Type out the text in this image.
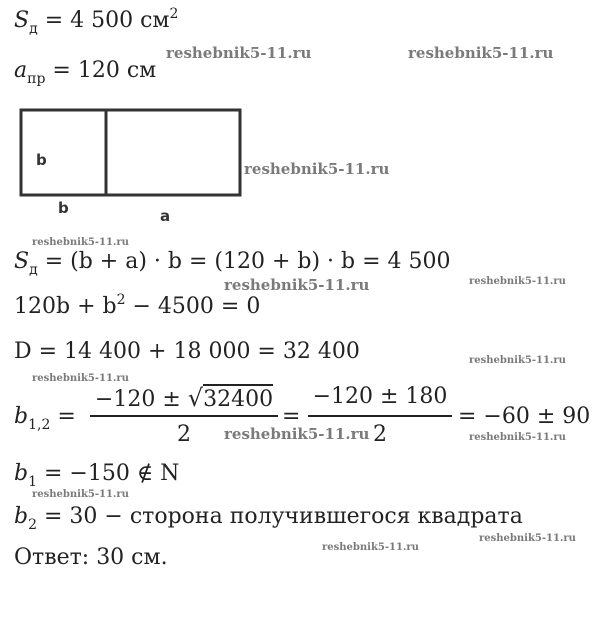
$S_д = 4$ 500 $см^2$
$a_{пр} = 120$ см
b
b	a
$S_д = (b + a) \cdot b = (120 + b) \cdot b = 4$ 500
$120b + b^2 - 4500 = 0$
D = 14 400 + 18 000 = 32 400
$b_{1,2}$ =
−120 ± √32400
2
=
−120 ± 180
2
= −60 ± 90
$b_1 = -150$ ∉ N
$b_2 = 30$ − сторона получившегося квадрата
Ответ: 30 см.
reshebnik5-11.ru	reshebnik5-11.ru
reshebnik5-11.ru
reshebnik5-11.ru
reshebnik5-11.ru	reshebnik5-11.ru
reshebnik5-11.ru
reshebnik5-11.ru
reshebnik5-11.ru	reshebnik5-11.ru
reshebnik5-11.ru
reshebnik5-11.ru
reshebnik5-11.ru
